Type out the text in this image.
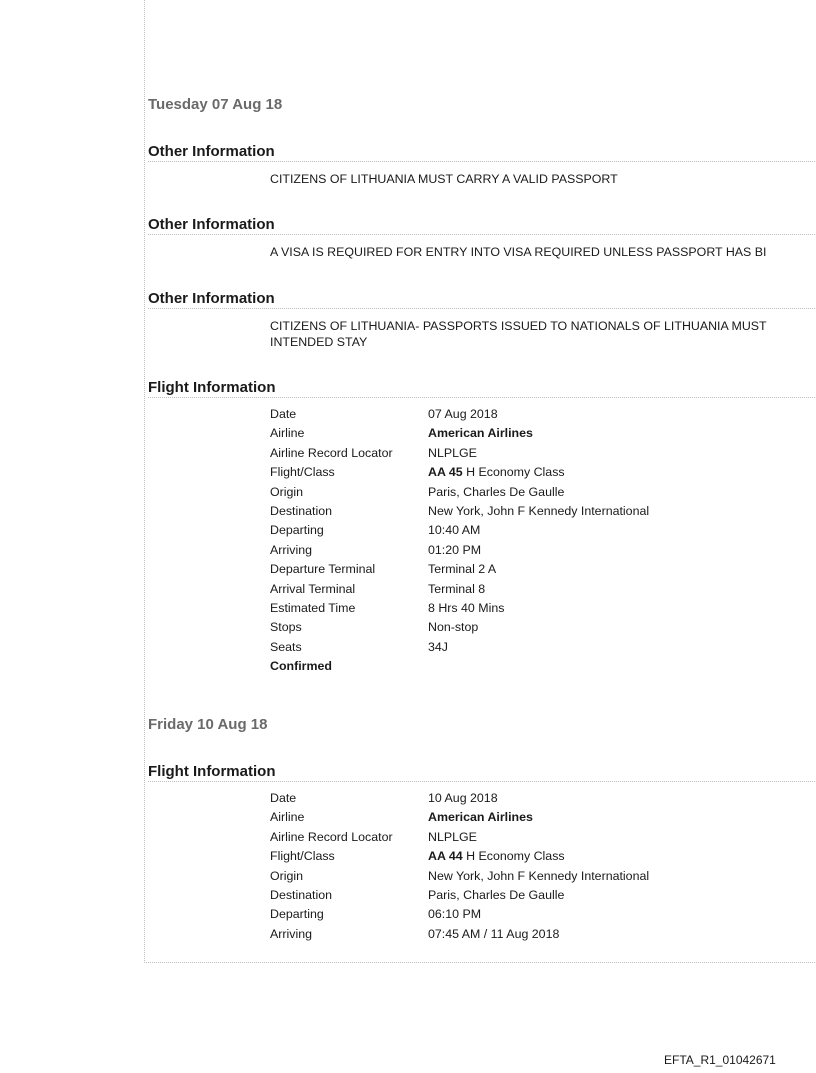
Tuesday 07 Aug 18
Other Information

CITIZENS OF LITHUANIA MUST CARRY A VALID PASSPORT

Other Information

A VISA IS REQUIRED FOR ENTRY INTO VISA REQUIRED UNLESS PASSPORT HAS BI

Other Information

CITIZENS OF LITHUANIA- PASSPORTS ISSUED TO NATIONALS OF LITHUANIA MUST
INTENDED STAY

Flight Information
Date	07 Aug 2018
Airline	American Airlines
Airline Record Locator	NLPLGE
Flight/Class	AA 45 H Economy Class
Origin	Paris, Charles De Gaulle
Destination	New York, John F Kennedy International
Departing	10:40 AM
Arriving	01:20 PM
Departure Terminal	Terminal 2 A
Arrival Terminal	Terminal 8
Estimated Time	8 Hrs 40 Mins
Stops	Non-stop
Seats	34J
Confirmed
Friday 10 Aug 18
Flight Information
Date	10 Aug 2018
Airline	American Airlines
Airline Record Locator	NLPLGE
Flight/Class	AA 44 H Economy Class
Origin	New York, John F Kennedy International
Destination	Paris, Charles De Gaulle
Departing	06:10 PM
Arriving	07:45 AM / 11 Aug 2018

EFTA_R1_01042671
